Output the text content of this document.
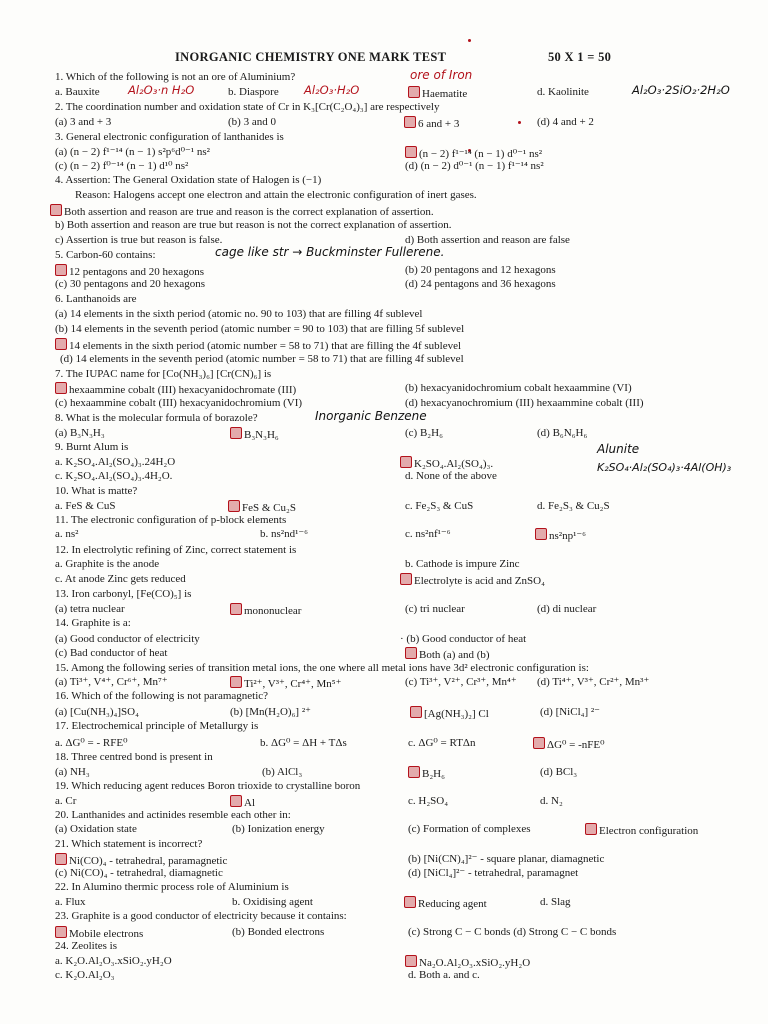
INORGANIC CHEMISTRY ONE MARK TEST	50 X 1 = 50
ore of Iron
Al₂O₃·n H₂O	Al₂O₃·H₂O	Al₂O₃·2SiO₂·2H₂O
cage like str → Buckminster Fullerene.
Inorganic Benzene
Alunite
K₂SO₄·Al₂(SO₄)₃·4Al(OH)₃
1. Which of the following is not an ore of Aluminium?
a. Bauxite	b. Diaspore	Haematite	d. Kaolinite
2. The coordination number and oxidation state of Cr in K₃[Cr(C₂O₄)₃] are respectively
(a) 3 and + 3	(b) 3 and 0	6 and + 3	(d) 4 and + 2
3. General electronic configuration of lanthanides is
(a) (n − 2) f¹⁻¹⁴ (n − 1) s²p⁶d⁰⁻¹ ns²	(n − 2) f¹⁻¹⁴ (n − 1) d⁰⁻¹ ns²
(c) (n − 2) f⁰⁻¹⁴ (n − 1) d¹⁰ ns²	(d) (n − 2) d⁰⁻¹ (n − 1) f¹⁻¹⁴ ns²
4. Assertion: The General Oxidation state of Halogen is (−1)
Reason: Halogens accept one electron and attain the electronic configuration of inert gases.
Both assertion and reason are true and reason is the correct explanation of assertion.
b) Both assertion and reason are true but reason is not the correct explanation of assertion.
c) Assertion is true but reason is false.	d) Both assertion and reason are false
5. Carbon-60 contains:
12 pentagons and 20 hexagons	(b) 20 pentagons and 12 hexagons
(c) 30 pentagons and 20 hexagons	(d) 24 pentagons and 36 hexagons
6. Lanthanoids are
(a) 14 elements in the sixth period (atomic no. 90 to 103) that are filling 4f sublevel
(b) 14 elements in the seventh period (atomic number = 90 to 103) that are filling 5f sublevel
14 elements in the sixth period (atomic number = 58 to 71) that are filling the 4f sublevel
(d) 14 elements in the seventh period (atomic number = 58 to 71) that are filling 4f sublevel
7. The IUPAC name for [Co(NH₃)₆] [Cr(CN)₆] is
hexaammine cobalt (III) hexacyanidochromate (III)	(b) hexacyanidochromium cobalt hexaammine (VI)
(c) hexaammine cobalt (III) hexacyanidochromium (VI)	(d) hexacyanochromium (III) hexaammine cobalt (III)
8. What is the molecular formula of borazole?
(a) B₃N₃H₃	B₃N₃H₆	(c) B₂H₆	(d) B₆N₆H₆
9. Burnt Alum is
a. K₂SO₄.Al₂(SO₄)₃.24H₂O	K₂SO₄.Al₂(SO₄)₃.
c. K₂SO₄.Al₂(SO₄)₃.4H₂O.	d. None of the above
10. What is matte?
a. FeS & CuS	FeS & Cu₂S	c. Fe₂S₃ & CuS	d. Fe₂S₃ & Cu₂S
11. The electronic configuration of p-block elements
a. ns²	b. ns²nd¹⁻⁶	c. ns²nf¹⁻⁶	ns²np¹⁻⁶
12. In electrolytic refining of Zinc, correct statement is
a. Graphite is the anode	b. Cathode is impure Zinc
c. At anode Zinc gets reduced	Electrolyte is acid and ZnSO₄
13. Iron carbonyl, [Fe(CO)₅] is
(a) tetra nuclear	mononuclear	(c) tri nuclear	(d) di nuclear
14. Graphite is a:
(a) Good conductor of electricity	· (b) Good conductor of heat
(c) Bad conductor of heat	Both (a) and (b)
15. Among the following series of transition metal ions, the one where all metal ions have 3d² electronic configuration is:
(a) Ti³⁺, V⁴⁺, Cr⁶⁺, Mn⁷⁺	Ti²⁺, V³⁺, Cr⁴⁺, Mn⁵⁺	(c) Ti³⁺, V²⁺, Cr³⁺, Mn⁴⁺ (d) Ti⁴⁺, V³⁺, Cr²⁺, Mn³⁺
16. Which of the following is not paramagnetic?
(a) [Cu(NH₃)₄]SO₄	(b) [Mn(H₂O)₆] ²⁺	[Ag(NH₃)₂] Cl	(d) [NiCl₄] ²⁻
17. Electrochemical principle of Metallurgy is
a. ΔG⁰ = - RFE⁰	b. ΔG⁰ = ΔH + TΔs	c. ΔG⁰ = RTΔn	ΔG⁰ = -nFE⁰
18. Three centred bond is present in
(a) NH₃	(b) AlCl₃	B₂H₆	(d) BCl₃
19. Which reducing agent reduces Boron trioxide to crystalline boron
a. Cr	Al	c. H₂SO₄	d. N₂
20. Lanthanides and actinides resemble each other in:
(a) Oxidation state	(b) Ionization energy	(c) Formation of complexes	Electron configuration
21. Which statement is incorrect?
Ni(CO)₄ - tetrahedral, paramagnetic	(b) [Ni(CN)₄]²⁻ - square planar, diamagnetic
(c) Ni(CO)₄ - tetrahedral, diamagnetic	(d) [NiCl₄]²⁻ - tetrahedral, paramagnet
22. In Alumino thermic process role of Aluminium is
a. Flux	b. Oxidising agent	Reducing agent	d. Slag
23. Graphite is a good conductor of electricity because it contains:
Mobile electrons	(b) Bonded electrons	(c) Strong C − C bonds (d) Strong C − C bonds
24. Zeolites is
a. K₂O.Al₂O₃.xSiO₂.yH₂O	Na₂O.Al₂O₃.xSiO₂.yH₂O
c. K₂O.Al₂O₃	d. Both a. and c.
